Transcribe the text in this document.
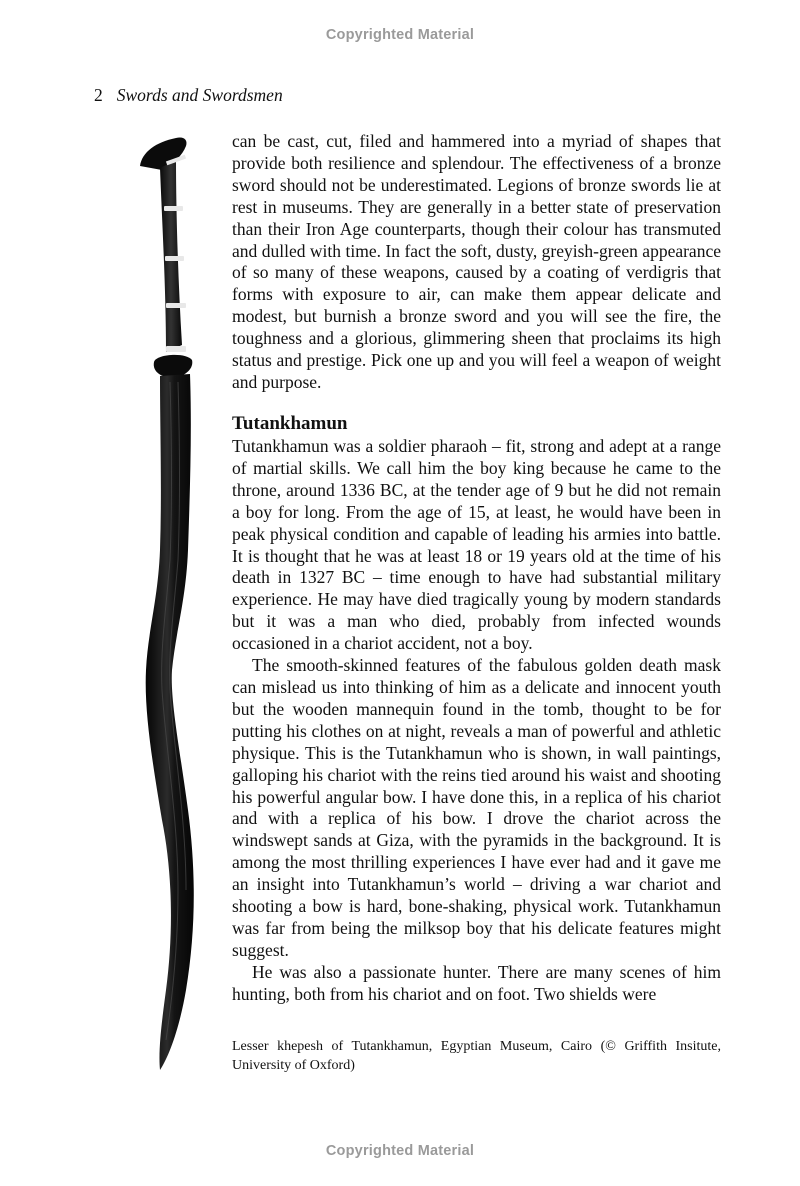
Copyrighted Material
2 Swords and Swordsmen

can be cast, cut, filed and hammered into a myriad of shapes that provide both resilience and splendour. The effectiveness of a bronze sword should not be underestimated. Legions of bronze swords lie at rest in museums. They are generally in a better state of preservation than their Iron Age counterparts, though their colour has transmuted and dulled with time. In fact the soft, dusty, greyish-green appearance of so many of these weapons, caused by a coating of verdigris that forms with exposure to air, can make them appear delicate and modest, but burnish a bronze sword and you will see the fire, the toughness and a glorious, glimmering sheen that proclaims its high status and prestige. Pick one up and you will feel a weapon of weight and purpose.

Tutankhamun

Tutankhamun was a soldier pharaoh – fit, strong and adept at a range of martial skills. We call him the boy king because he came to the throne, around 1336 BC, at the tender age of 9 but he did not remain a boy for long. From the age of 15, at least, he would have been in peak physical condition and capable of leading his armies into battle. It is thought that he was at least 18 or 19 years old at the time of his death in 1327 BC – time enough to have had substantial military experience. He may have died tragically young by modern standards but it was a man who died, probably from infected wounds occasioned in a chariot accident, not a boy.

The smooth-skinned features of the fabulous golden death mask can mislead us into thinking of him as a delicate and innocent youth but the wooden mannequin found in the tomb, thought to be for putting his clothes on at night, reveals a man of powerful and athletic physique. This is the Tutankhamun who is shown, in wall paintings, galloping his chariot with the reins tied around his waist and shooting his powerful angular bow. I have done this, in a replica of his chariot and with a replica of his bow. I drove the chariot across the windswept sands at Giza, with the pyramids in the background. It is among the most thrilling experiences I have ever had and it gave me an insight into Tutankhamun’s world – driving a war chariot and shooting a bow is hard, bone-shaking, physical work. Tutankhamun was far from being the milksop boy that his delicate features might suggest.

He was also a passionate hunter. There are many scenes of him hunting, both from his chariot and on foot. Two shields were

Lesser khepesh of Tutankhamun, Egyptian Museum, Cairo (© Griffith Insitute, University of Oxford)
Copyrighted Material
